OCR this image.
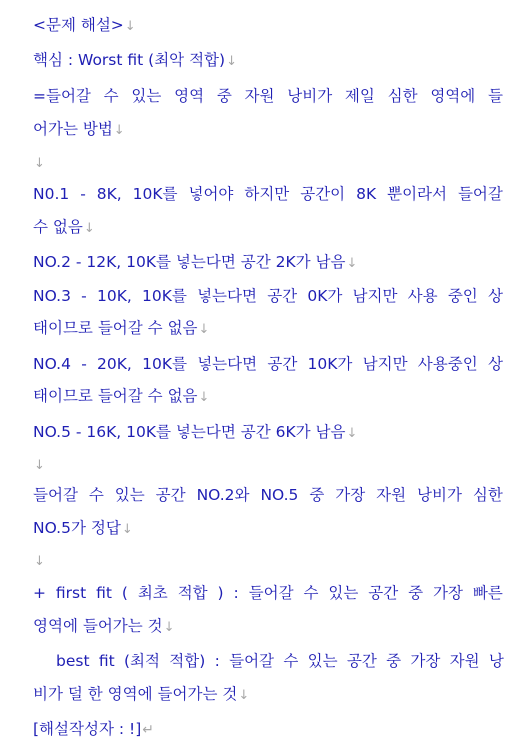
<문제 해설>↓
핵심 : Worst fit (최악 적합)↓
=들어갈 수 있는 영역 중 자원 낭비가 제일 심한 영역에 들
어가는 방법↓
↓
N0.1 - 8K, 10K를 넣어야 하지만 공간이 8K 뿐이라서 들어갈
수 없음↓
NO.2 - 12K, 10K를 넣는다면 공간 2K가 남음↓
NO.3 - 10K, 10K를 넣는다면 공간 0K가 남지만 사용 중인 상
태이므로 들어갈 수 없음↓
NO.4 - 20K, 10K를 넣는다면 공간 10K가 남지만 사용중인 상
태이므로 들어갈 수 없음↓
NO.5 - 16K, 10K를 넣는다면 공간 6K가 남음↓
↓
들어갈 수 있는 공간 NO.2와 NO.5 중 가장 자원 낭비가 심한
NO.5가 정답↓
↓
+ first fit ( 최초 적합 ) : 들어갈 수 있는 공간 중 가장 빠른
영역에 들어가는 것↓
best fit (최적 적합) : 들어갈 수 있는 공간 중 가장 자원 낭
비가 덜 한 영역에 들어가는 것↓
[해설작성자 : !]↵
